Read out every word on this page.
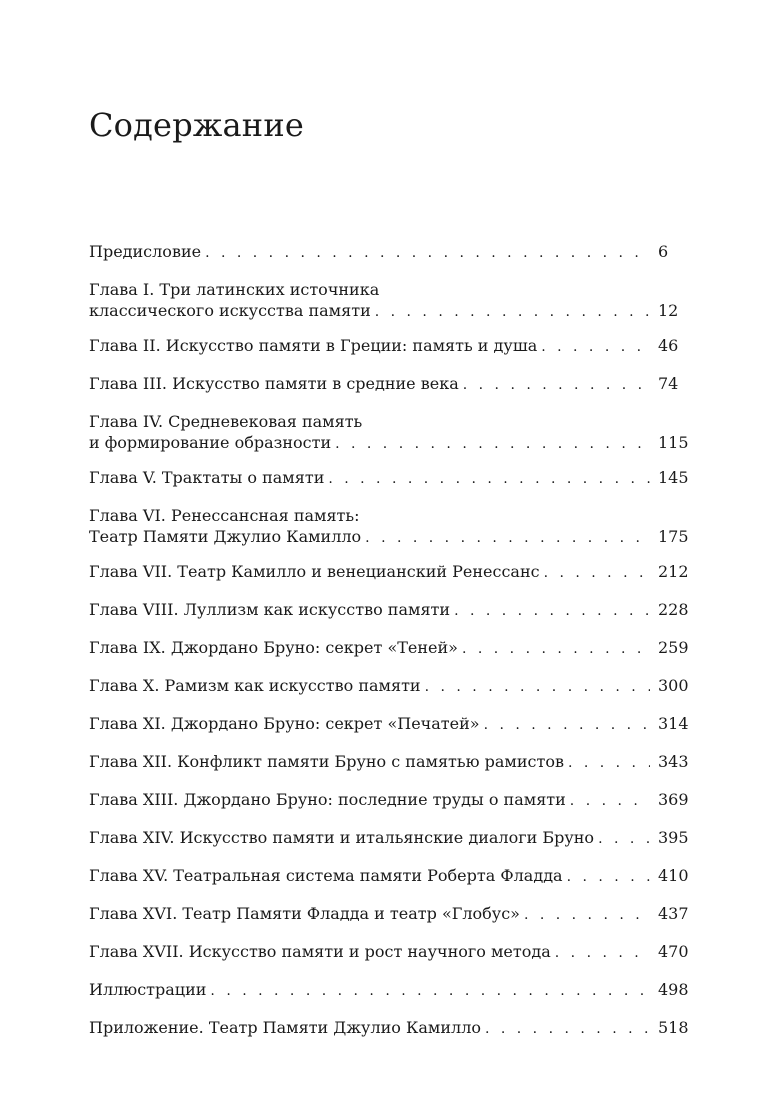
Содержание
Предисловие . . .	6
Глава I. Три латинских источника
классического искусства памяти . . .	12
Глава II. Искусство памяти в Греции: память и душа . . .	46
Глава III. Искусство памяти в средние века . . .	74
Глава IV. Средневековая память
и формирование образности . . .	115
Глава V. Трактаты о памяти . . .	145
Глава VI. Ренессансная память:
Театр Памяти Джулио Камилло . . .	175
Глава VII. Театр Камилло и венецианский Ренессанс . . .	212
Глава VIII. Луллизм как искусство памяти . . .	228
Глава IX. Джордано Бруно: секрет «Теней» . . .	259
Глава X. Рамизм как искусство памяти . . .	300
Глава XI. Джордано Бруно: секрет «Печатей» . . .	314
Глава XII. Конфликт памяти Бруно с памятью рамистов . . .	343
Глава XIII. Джордано Бруно: последние труды о памяти . . .	369
Глава XIV. Искусство памяти и итальянские диалоги Бруно . . .	395
Глава XV. Театральная система памяти Роберта Фладда . . .	410
Глава XVI. Театр Памяти Фладда и театр «Глобус» . . .	437
Глава XVII. Искусство памяти и рост научного метода . . .	470
Иллюстрации . . .	498
Приложение. Театр Памяти Джулио Камилло . . .	518
